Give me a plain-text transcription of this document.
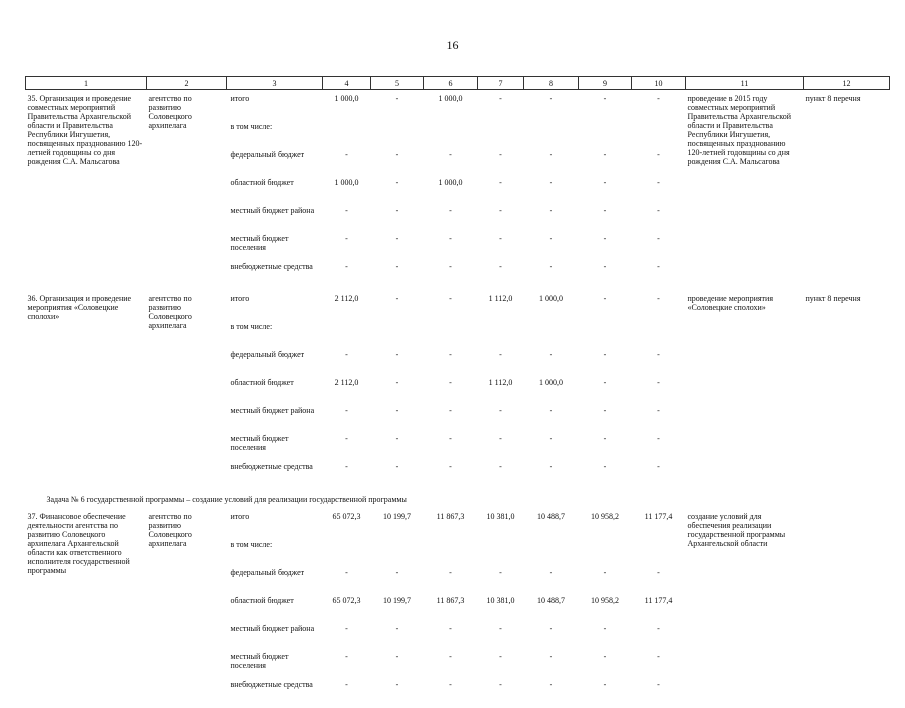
16
1	2	3	4	5	6	7	8	9	10	11	12
35. Организация и проведение совместных мероприятий Правительства Архангельской области и Правительства Республики Ингушетия, посвященных празднованию 120-летней годовщины со дня рождения С.А. Мальсагова	агентство по развитию Соловецкого архипелага	итого	1 000,0	-	1 000,0	-	-	-	-	проведение в 2015 году совместных мероприятий Правительства Архангельской области и Правительства Республики Ингушетия, посвященных празднованию 120-летней годовщины со дня рождения С.А. Мальсагова	пункт 8 перечня
		в том числе:									
		федеральный бюджет	-	-	-	-	-	-	-		
		областной бюджет	1 000,0	-	1 000,0	-	-	-	-		
		местный бюджет района	-	-	-	-	-	-	-		
		местный бюджет поселения	-	-	-	-	-	-	-		
		внебюджетные средства	-	-	-	-	-	-	-		
36. Организация и проведение мероприятия «Соловецкие сполохи»	агентство по развитию Соловецкого архипелага	итого	2 112,0	-	-	1 112,0	1 000,0	-	-	проведение мероприятия «Соловецкие сполохи»	пункт 8 перечня
		в том числе:									
		федеральный бюджет	-	-	-	-	-	-	-		
		областной бюджет	2 112,0	-	-	1 112,0	1 000,0	-	-		
		местный бюджет района	-	-	-	-	-	-	-		
		местный бюджет поселения	-	-	-	-	-	-	-		
		внебюджетные средства	-	-	-	-	-	-	-		
Задача № 6 государственной программы – создание условий для реализации государственной программы											
37. Финансовое обеспечение деятельности агентства по развитию Соловецкого архипелага Архангельской области как ответственного исполнителя государственной программы	агентство по развитию Соловецкого архипелага	итого	65 072,3	10 199,7	11 867,3	10 381,0	10 488,7	10 958,2	11 177,4	создание условий для обеспечения реализации государственной программы Архангельской области	
		в том числе:									
		федеральный бюджет	-	-	-	-	-	-	-		
		областной бюджет	65 072,3	10 199,7	11 867,3	10 381,0	10 488,7	10 958,2	11 177,4		
		местный бюджет района	-	-	-	-	-	-	-		
		местный бюджет поселения	-	-	-	-	-	-	-		
		внебюджетные средства	-	-	-	-	-	-	-		
